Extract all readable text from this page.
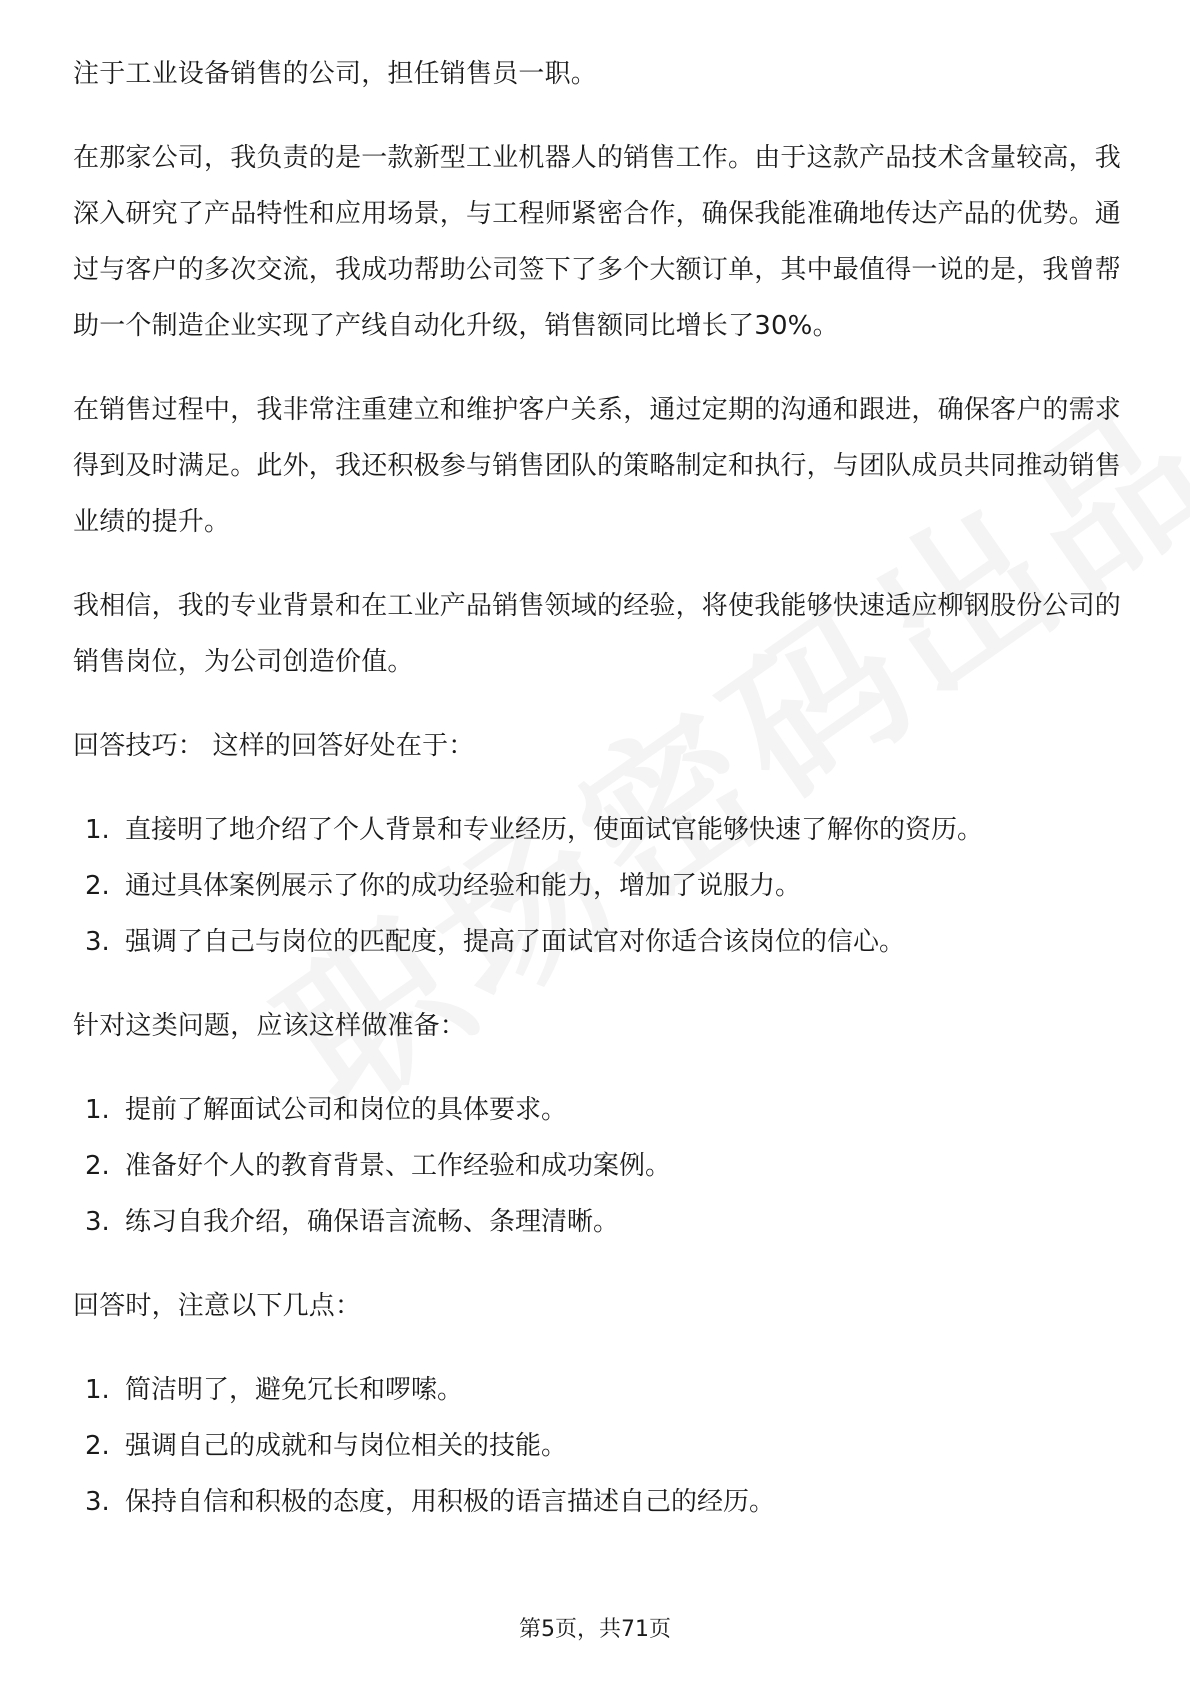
注于工业设备销售的公司，担任销售员一职。

在那家公司，我负责的是一款新型工业机器人的销售工作。由于这款产品技术含量较高，我深入研究了产品特性和应用场景，与工程师紧密合作，确保我能准确地传达产品的优势。通过与客户的多次交流，我成功帮助公司签下了多个大额订单，其中最值得一说的是，我曾帮助一个制造企业实现了产线自动化升级，销售额同比增长了30%。

在销售过程中，我非常注重建立和维护客户关系，通过定期的沟通和跟进，确保客户的需求得到及时满足。此外，我还积极参与销售团队的策略制定和执行，与团队成员共同推动销售业绩的提升。

我相信，我的专业背景和在工业产品销售领域的经验，将使我能够快速适应柳钢股份公司的销售岗位，为公司创造价值。

回答技巧： 这样的回答好处在于：

1. 直接明了地介绍了个人背景和专业经历，使面试官能够快速了解你的资历。
2. 通过具体案例展示了你的成功经验和能力，增加了说服力。
3. 强调了自己与岗位的匹配度，提高了面试官对你适合该岗位的信心。

针对这类问题，应该这样做准备：

1. 提前了解面试公司和岗位的具体要求。
2. 准备好个人的教育背景、工作经验和成功案例。
3. 练习自我介绍，确保语言流畅、条理清晰。

回答时，注意以下几点：

1. 简洁明了，避免冗长和啰嗦。
2. 强调自己的成就和与岗位相关的技能。
3. 保持自信和积极的态度，用积极的语言描述自己的经历。
第5页，共71页
